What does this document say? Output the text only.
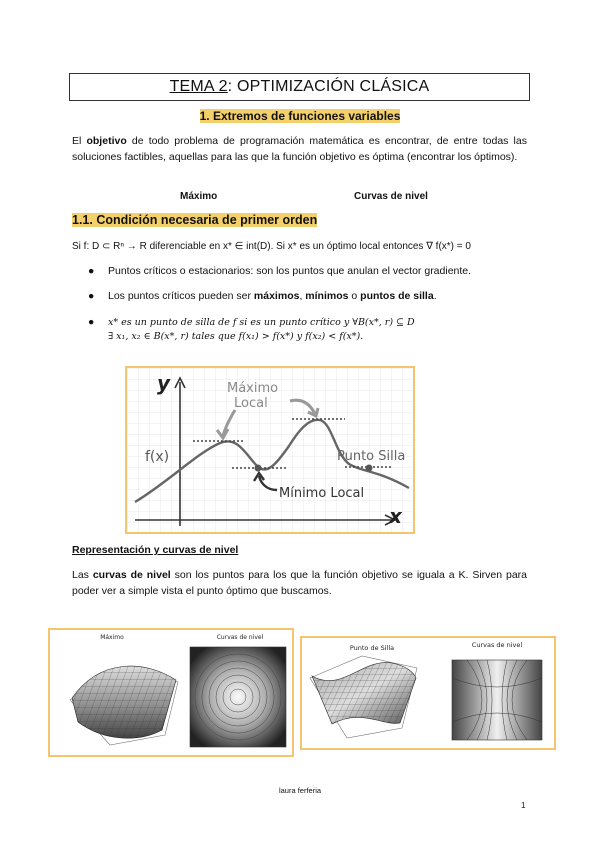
TEMA 2 : OPTIMIZACIÓN CLÁSICA
1. Extremos de funciones variables
El objetivo de todo problema de programación matemática es encontrar, de entre todas las soluciones factibles, aquellas para las que la función objetivo es óptima (encontrar los óptimos).
Máximo	Curvas de nivel
1.1. Condición necesaria de primer orden
Si f: D ⊂ Rⁿ → R diferenciable en x* ∈ int(D). Si x* es un óptimo local entonces ∇ f(x*) = 0
● Puntos críticos o estacionarios: son los puntos que anulan el vector gradiente.
● Los puntos críticos pueden ser máximos, mínimos o puntos de silla.
● x* es un punto de silla de f si es un punto crítico y ∀B(x*, r) ⊆ D
∃ x₁, x₂ ∈ B(x*, r) tales que f(x₁) > f(x*) y f(x₂) < f(x*).
y
x
f(x)
Máximo
Local
Mínimo Local
Punto Silla
Representación y curvas de nivel
Las curvas de nivel son los puntos para los que la función objetivo se iguala a K. Sirven para poder ver a simple vista el punto óptimo que buscamos.
Máximo	Curvas de nivel
Punto de Silla	Curvas de nivel
laura ferferia
1
